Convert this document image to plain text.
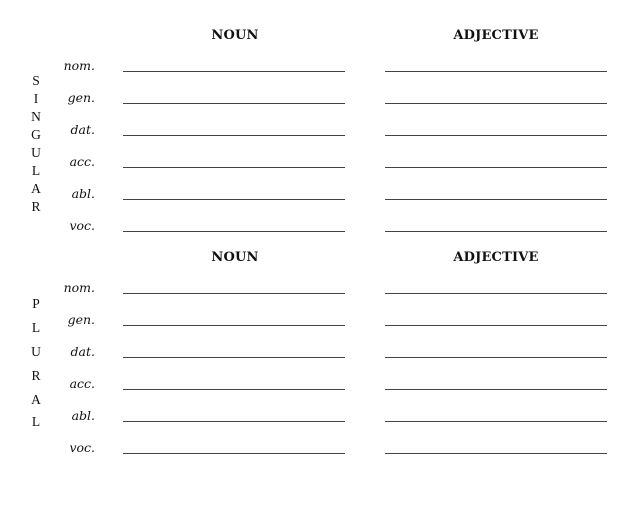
NOUN	ADJECTIVE
S
I
N
G
U
L
A
R
nom.
gen.
dat.
acc.
abl.
voc.
NOUN	ADJECTIVE
P
L
U
R
A
L
nom.
gen.
dat.
acc.
abl.
voc.
